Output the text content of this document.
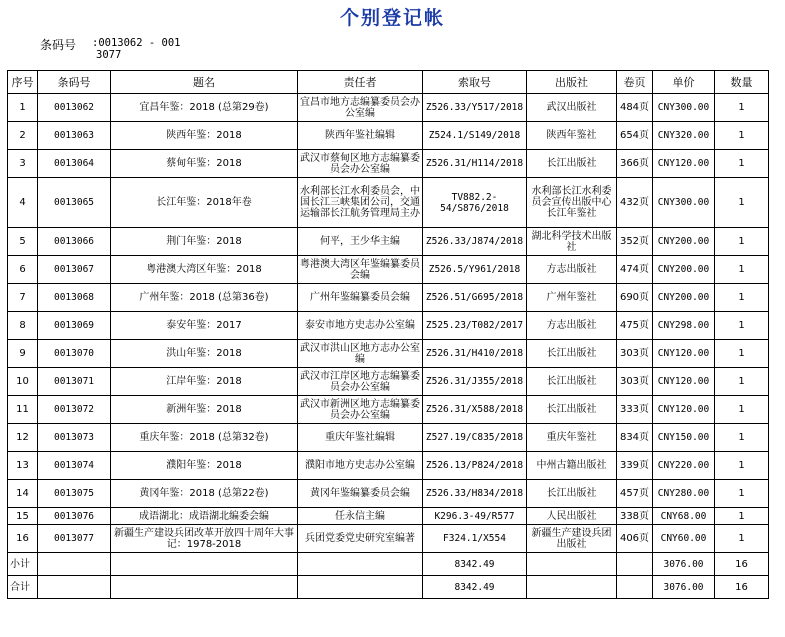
个别登记帐
条码号 :0013062 - 001
3077
序号	条码号	题名	责任者	索取号	出版社	卷页	单价	数量
1	0013062	宜昌年鉴：2018 (总第29卷)	宜昌市地方志编纂委员会办公室编	Z526.33/Y517/2018	武汉出版社	484页	CNY300.00	1
2	0013063	陕西年鉴：2018	陕西年鉴社编辑	Z524.1/S149/2018	陕西年鉴社	654页	CNY320.00	1
3	0013064	蔡甸年鉴：2018	武汉市蔡甸区地方志编纂委员会办公室编	Z526.31/H114/2018	长江出版社	366页	CNY120.00	1
4	0013065	长江年鉴：2018年卷	水利部长江水利委员会，中国长江三峡集团公司，交通运输部长江航务管理局主办	TV882.2-54/S876/2018	水利部长江水利委员会宣传出版中心长江年鉴社	432页	CNY300.00	1
5	0013066	荆门年鉴：2018	何平，王少华主编	Z526.33/J874/2018	湖北科学技术出版社	352页	CNY200.00	1
6	0013067	粤港澳大湾区年鉴：2018	粤港澳大湾区年鉴编纂委员会编	Z526.5/Y961/2018	方志出版社	474页	CNY200.00	1
7	0013068	广州年鉴：2018 (总第36卷)	广州年鉴编纂委员会编	Z526.51/G695/2018	广州年鉴社	690页	CNY200.00	1
8	0013069	泰安年鉴：2017	泰安市地方史志办公室编	Z525.23/T082/2017	方志出版社	475页	CNY298.00	1
9	0013070	洪山年鉴：2018	武汉市洪山区地方志办公室编	Z526.31/H410/2018	长江出版社	303页	CNY120.00	1
10	0013071	江岸年鉴：2018	武汉市江岸区地方志编纂委员会办公室编	Z526.31/J355/2018	长江出版社	303页	CNY120.00	1
11	0013072	新洲年鉴：2018	武汉市新洲区地方志编纂委员会办公室编	Z526.31/X588/2018	长江出版社	333页	CNY120.00	1
12	0013073	重庆年鉴：2018 (总第32卷)	重庆年鉴社编辑	Z527.19/C835/2018	重庆年鉴社	834页	CNY150.00	1
13	0013074	濮阳年鉴：2018	濮阳市地方史志办公室编	Z526.13/P824/2018	中州古籍出版社	339页	CNY220.00	1
14	0013075	黄冈年鉴：2018 (总第22卷)	黄冈年鉴编纂委员会编	Z526.33/H834/2018	长江出版社	457页	CNY280.00	1
15	0013076	成语湖北：成语湖北编委会编	任永信主编	K296.3-49/R577	人民出版社	338页	CNY68.00	1
16	0013077	新疆生产建设兵团改革开放四十周年大事记：1978-2018	兵团党委党史研究室编著	F324.1/X554	新疆生产建设兵团出版社	406页	CNY60.00	1
小计				8342.49			3076.00	16
合计				8342.49			3076.00	16
